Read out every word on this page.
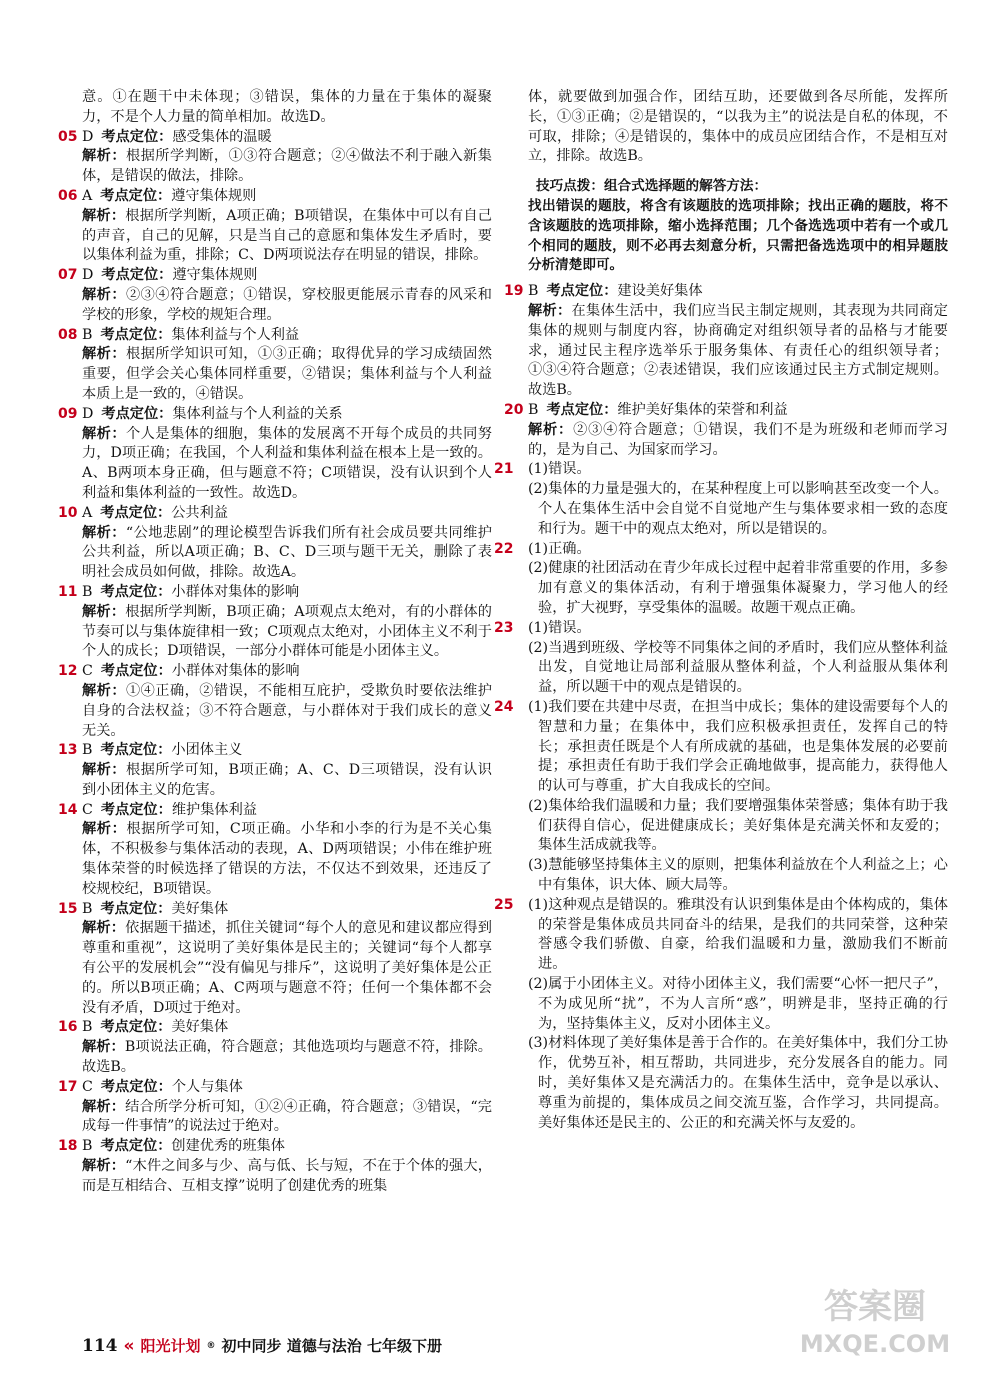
意。①在题干中未体现；③错误，集体的力量在于集体的凝聚力，不是个人力量的简单相加。故选D。

05 D 考点定位：感受集体的温暖
解析：根据所学判断，①③符合题意；②④做法不利于融入新集体，是错误的做法，排除。
06 A 考点定位：遵守集体规则
解析：根据所学判断，A项正确；B项错误，在集体中可以有自己的声音，自己的见解，只是当自己的意愿和集体发生矛盾时，要以集体利益为重，排除；C、D两项说法存在明显的错误，排除。
07 D 考点定位：遵守集体规则
解析：②③④符合题意；①错误，穿校服更能展示青春的风采和学校的形象，学校的规矩合理。
08 B 考点定位：集体利益与个人利益
解析：根据所学知识可知，①③正确；取得优异的学习成绩固然重要，但学会关心集体同样重要，②错误；集体利益与个人利益本质上是一致的，④错误。
09 D 考点定位：集体利益与个人利益的关系
解析：个人是集体的细胞，集体的发展离不开每个成员的共同努力，D项正确；在我国，个人利益和集体利益在根本上是一致的。A、B两项本身正确，但与题意不符；C项错误，没有认识到个人利益和集体利益的一致性。故选D。
10 A 考点定位：公共利益
解析：“公地悲剧”的理论模型告诉我们所有社会成员要共同维护公共利益，所以A项正确；B、C、D三项与题干无关，删除了表明社会成员如何做，排除。故选A。
11 B 考点定位：小群体对集体的影响
解析：根据所学判断，B项正确；A项观点太绝对，有的小群体的节奏可以与集体旋律相一致；C项观点太绝对，小团体主义不利于个人的成长；D项错误，一部分小群体可能是小团体主义。
12 C 考点定位：小群体对集体的影响
解析：①④正确，②错误，不能相互庇护，受欺负时要依法维护自身的合法权益；③不符合题意，与小群体对于我们成长的意义无关。
13 B 考点定位：小团体主义
解析：根据所学可知，B项正确；A、C、D三项错误，没有认识到小团体主义的危害。
14 C 考点定位：维护集体利益
解析：根据所学可知，C项正确。小华和小李的行为是不关心集体，不积极参与集体活动的表现，A、D两项错误；小伟在维护班集体荣誉的时候选择了错误的方法，不仅达不到效果，还违反了校规校纪，B项错误。
15 B 考点定位：美好集体
解析：依据题干描述，抓住关键词“每个人的意见和建议都应得到尊重和重视”，这说明了美好集体是民主的；关键词“每个人都享有公平的发展机会”“没有偏见与排斥”，这说明了美好集体是公正的。所以B项正确；A、C两项与题意不符；任何一个集体都不会没有矛盾，D项过于绝对。
16 B 考点定位：美好集体
解析：B项说法正确，符合题意；其他选项均与题意不符，排除。故选B。
17 C 考点定位：个人与集体
解析：结合所学分析可知，①②④正确，符合题意；③错误，“完成每一件事情”的说法过于绝对。
18 B 考点定位：创建优秀的班集体
解析：“木件之间多与少、高与低、长与短，不在于个体的强大，而是互相结合、互相支撑”说明了创建优秀的班集

体，就要做到加强合作，团结互助，还要做到各尽所能，发挥所长，①③正确；②是错误的，“以我为主”的说法是自私的体现，不可取，排除；④是错误的，集体中的成员应团结合作，不是相互对立，排除。故选B。

技巧点拨：组合式选择题的解答方法：
找出错误的题肢，将含有该题肢的选项排除；找出正确的题肢，将不含该题肢的选项排除，缩小选择范围；几个备选选项中若有一个或几个相同的题肢，则不必再去刻意分析，只需把备选选项中的相异题肢分析清楚即可。
19 B 考点定位：建设美好集体
解析：在集体生活中，我们应当民主制定规则，其表现为共同商定集体的规则与制度内容，协商确定对组织领导者的品格与才能要求，通过民主程序选举乐于服务集体、有责任心的组织领导者；①③④符合题意；②表述错误，我们应该通过民主方式制定规则。故选B。
20 B 考点定位：维护美好集体的荣誉和利益
解析：②③④符合题意；①错误，我们不是为班级和老师而学习的，是为自己、为国家而学习。
21 (1)错误。
(2)集体的力量是强大的，在某种程度上可以影响甚至改变一个人。个人在集体生活中会自觉不自觉地产生与集体要求相一致的态度和行为。题干中的观点太绝对，所以是错误的。
22 (1)正确。
(2)健康的社团活动在青少年成长过程中起着非常重要的作用，多参加有意义的集体活动，有利于增强集体凝聚力，学习他人的经验，扩大视野，享受集体的温暖。故题干观点正确。
23 (1)错误。
(2)当遇到班级、学校等不同集体之间的矛盾时，我们应从整体利益出发，自觉地让局部利益服从整体利益，个人利益服从集体利益，所以题干中的观点是错误的。
24 (1)我们要在共建中尽责，在担当中成长；集体的建设需要每个人的智慧和力量；在集体中，我们应积极承担责任，发挥自己的特长；承担责任既是个人有所成就的基础，也是集体发展的必要前提；承担责任有助于我们学会正确地做事，提高能力，获得他人的认可与尊重，扩大自我成长的空间。
(2)集体给我们温暖和力量；我们要增强集体荣誉感；集体有助于我们获得自信心，促进健康成长；美好集体是充满关怀和友爱的；集体生活成就我等。
(3)慧能够坚持集体主义的原则，把集体利益放在个人利益之上；心中有集体，识大体、顾大局等。
25 (1)这种观点是错误的。雅琪没有认识到集体是由个体构成的，集体的荣誉是集体成员共同奋斗的结果，是我们的共同荣誉，这种荣誉感令我们骄傲、自豪，给我们温暖和力量，激励我们不断前进。
(2)属于小团体主义。对待小团体主义，我们需要“心怀一把尺子”，不为成见所“扰”，不为人言所“惑”，明辨是非，坚持正确的行为，坚持集体主义，反对小团体主义。
(3)材料体现了美好集体是善于合作的。在美好集体中，我们分工协作，优势互补，相互帮助，共同进步，充分发展各自的能力。同时，美好集体又是充满活力的。在集体生活中，竞争是以承认、尊重为前提的，集体成员之间交流互鉴，合作学习，共同提高。美好集体还是民主的、公正的和充满关怀与友爱的。
114 « 阳光计划 ® 初中同步 道德与法治 七年级下册
答案圈
MXQE.COM
